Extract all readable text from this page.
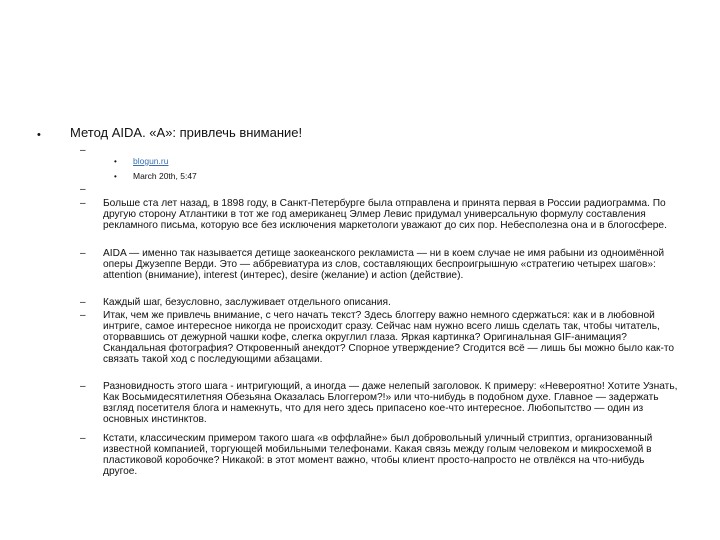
• Метод AIDA. «А»: привлечь внимание!
–
• blogun.ru
• March 20th, 5:47
–
– Больше ста лет назад, в 1898 году, в Санкт-Петербурге была отправлена и принята первая в России радиограмма. По другую сторону Атлантики в тот же год американец Элмер Левис придумал универсальную формулу составления рекламного письма, которую все без исключения маркетологи уважают до сих пор. Небесполезна она и в блогосфере.

– AIDA — именно так называется детище заокеанского рекламиста — ни в коем случае не имя рабыни из одноимённой оперы Джузеппе Верди. Это — аббревиатура из слов, составляющих беспроигрышную «стратегию четырех шагов»: attention (внимание), interest (интерес), desire (желание) и action (действие).

– Каждый шаг, безусловно, заслуживает отдельного описания.

– Итак, чем же привлечь внимание, с чего начать текст? Здесь блоггеру важно немного сдержаться: как и в любовной интриге, самое интересное никогда не происходит сразу. Сейчас нам нужно всего лишь сделать так, чтобы читатель, оторвавшись от дежурной чашки кофе, слегка округлил глаза. Яркая картинка? Оригинальная GIF-анимация? Скандальная фотография? Откровенный анекдот? Спорное утверждение? Сгодится всё — лишь бы можно было как-то связать такой ход с последующими абзацами.

– Разновидность этого шага - интригующий, а иногда — даже нелепый заголовок. К примеру: «Невероятно! Хотите Узнать, Как Восьмидесятилетняя Обезьяна Оказалась Блоггером?!» или что-нибудь в подобном духе. Главное — задержать взгляд посетителя блога и намекнуть, что для него здесь припасено кое-что интересное. Любопытство — один из основных инстинктов.

– Кстати, классическим примером такого шага «в оффлайне» был добровольный уличный стриптиз, организованный известной компанией, торгующей мобильными телефонами. Какая связь между голым человеком и микросхемой в пластиковой коробочке? Никакой: в этот момент важно, чтобы клиент просто-напросто не отвлёкся на что-нибудь другое.
